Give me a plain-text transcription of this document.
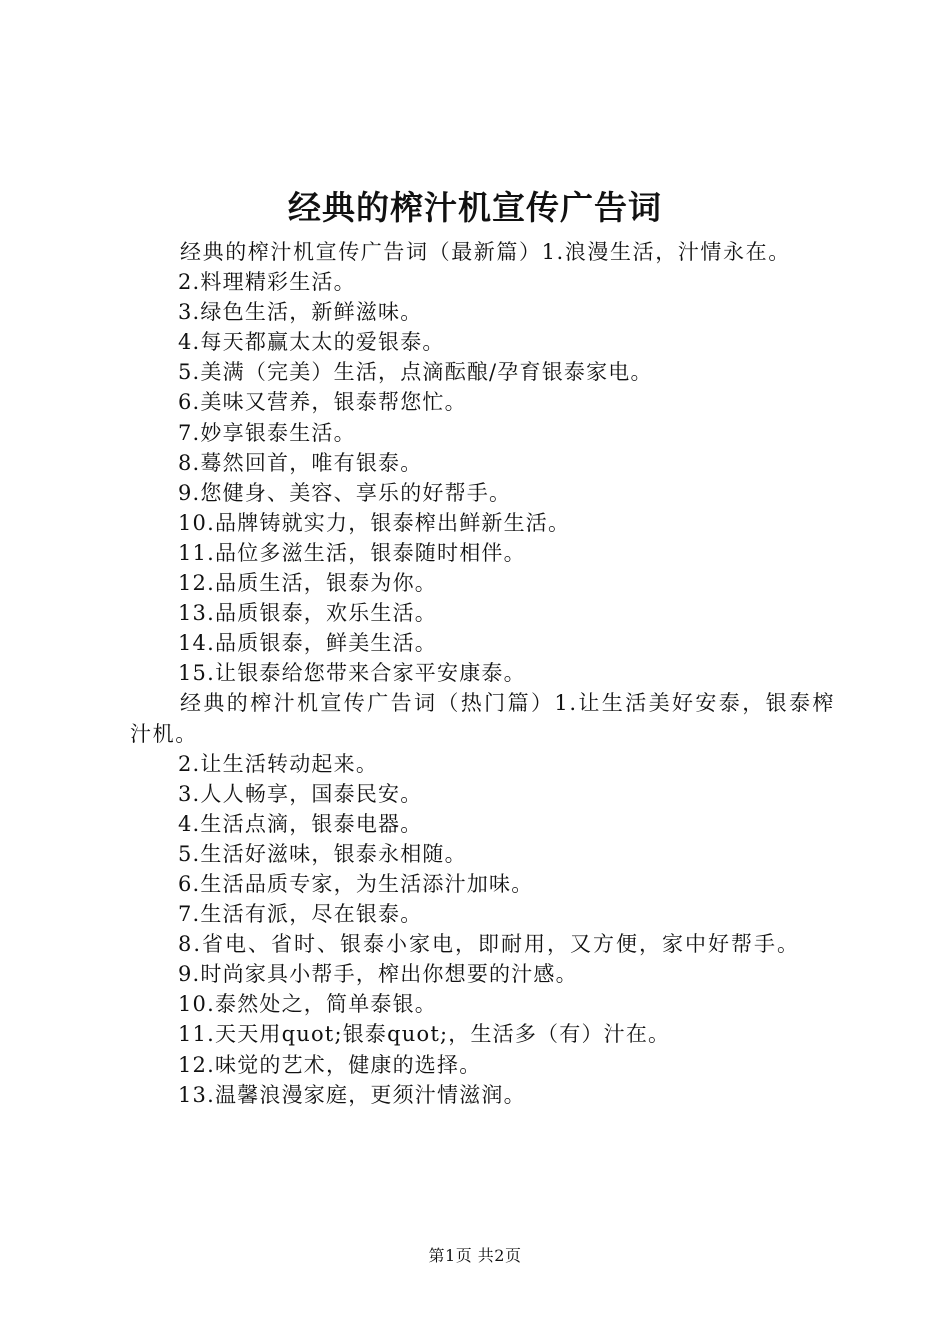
经典的榨汁机宣传广告词

经典的榨汁机宣传广告词（最新篇）1.浪漫生活，汁情永在。

2.料理精彩生活。

3.绿色生活，新鲜滋味。

4.每天都赢太太的爱银泰。

5.美满（完美）生活，点滴酝酿/孕育银泰家电。

6.美味又营养，银泰帮您忙。

7.妙享银泰生活。

8.蓦然回首，唯有银泰。

9.您健身、美容、享乐的好帮手。

10.品牌铸就实力，银泰榨出鲜新生活。

11.品位多滋生活，银泰随时相伴。

12.品质生活，银泰为你。

13.品质银泰，欢乐生活。

14.品质银泰，鲜美生活。

15.让银泰给您带来合家平安康泰。

经典的榨汁机宣传广告词（热门篇）1.让生活美好安泰，银泰榨汁机。

2.让生活转动起来。

3.人人畅享，国泰民安。

4.生活点滴，银泰电器。

5.生活好滋味，银泰永相随。

6.生活品质专家，为生活添汁加味。

7.生活有派，尽在银泰。

8.省电、省时、银泰小家电，即耐用，又方便，家中好帮手。

9.时尚家具小帮手，榨出你想要的汁感。

10.泰然处之，简单泰银。

11.天天用quot;银泰quot;，生活多（有）汁在。

12.味觉的艺术，健康的选择。

13.温馨浪漫家庭，更须汁情滋润。

第1页 共2页
